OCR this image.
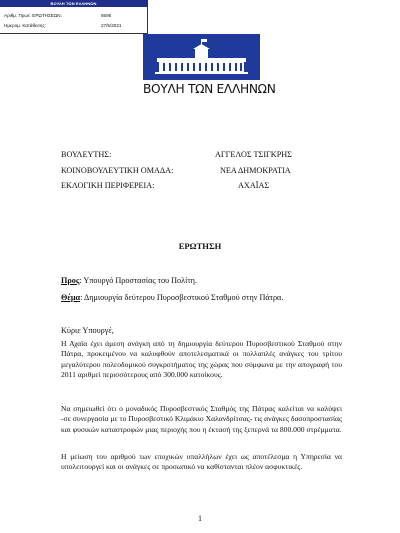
ΒΟΥΛΗ ΤΩΝ ΕΛΛΗΝΩΝ
Αριθμ. Πρωτ. ΕΡΩΤΗΣΕΩΝ:	6595
Ημερομ. Κατάθεσης:	27/5/2021
ΒΟΥΛΗ ΤΩΝ ΕΛΛΗΝΩΝ
ΒΟΥΛΕΥΤΗΣ:	ΑΓΓΕΛΟΣ ΤΣΙΓΚΡΗΣ
ΚΟΙΝΟΒΟΥΛΕΥΤΙΚΗ ΟΜΑΔΑ:	ΝΕΑ ΔΗΜΟΚΡΑΤΙΑ
ΕΚΛΟΓΙΚΗ ΠΕΡΙΦΕΡΕΙΑ:	ΑΧΑΪΑΣ
ΕΡΩΤΗΣΗ
Προς: Υπουργό Προστασίας του Πολίτη.
Θέμα: Δημιουργία δεύτερου Πυροσβεστικού Σταθμού στην Πάτρα.
Κύριε Υπουργέ,
Η Αχαΐα έχει άμεση ανάγκη από τη δημιουργία δεύτερου Πυροσβεστικού Σταθμού στην Πάτρα, προκειμένου να καλυφθούν αποτελεσματικά οι πολλαπλές ανάγκες του τρίτου μεγαλύτερου πολεοδομικού συγκροτήματος της χώρας που σύμφωνα με την απογραφή του 2011 αριθμεί περισσότερους από 300.000 κατοίκους.
Να σημειωθεί ότι ο μοναδικός Πυροσβεστικός Σταθμός της Πάτρας καλείται να καλύψει -σε συνεργασία με το Πυροσβεστικό Κλιμάκιο Χαλανδρίτσας- τις ανάγκες δασοπροστασίας και φυσικών καταστροφών μιας περιοχής που η έκτασή της ξεπερνά τα 800.000 στρέμματα.
Η μείωση του αριθμού των εποχικών υπαλλήλων έχει ως αποτέλεσμα η Υπηρεσία να υπολειτουργεί και οι ανάγκες σε προσωπικό να καθίστανται πλέον ασφυκτικές.
1
